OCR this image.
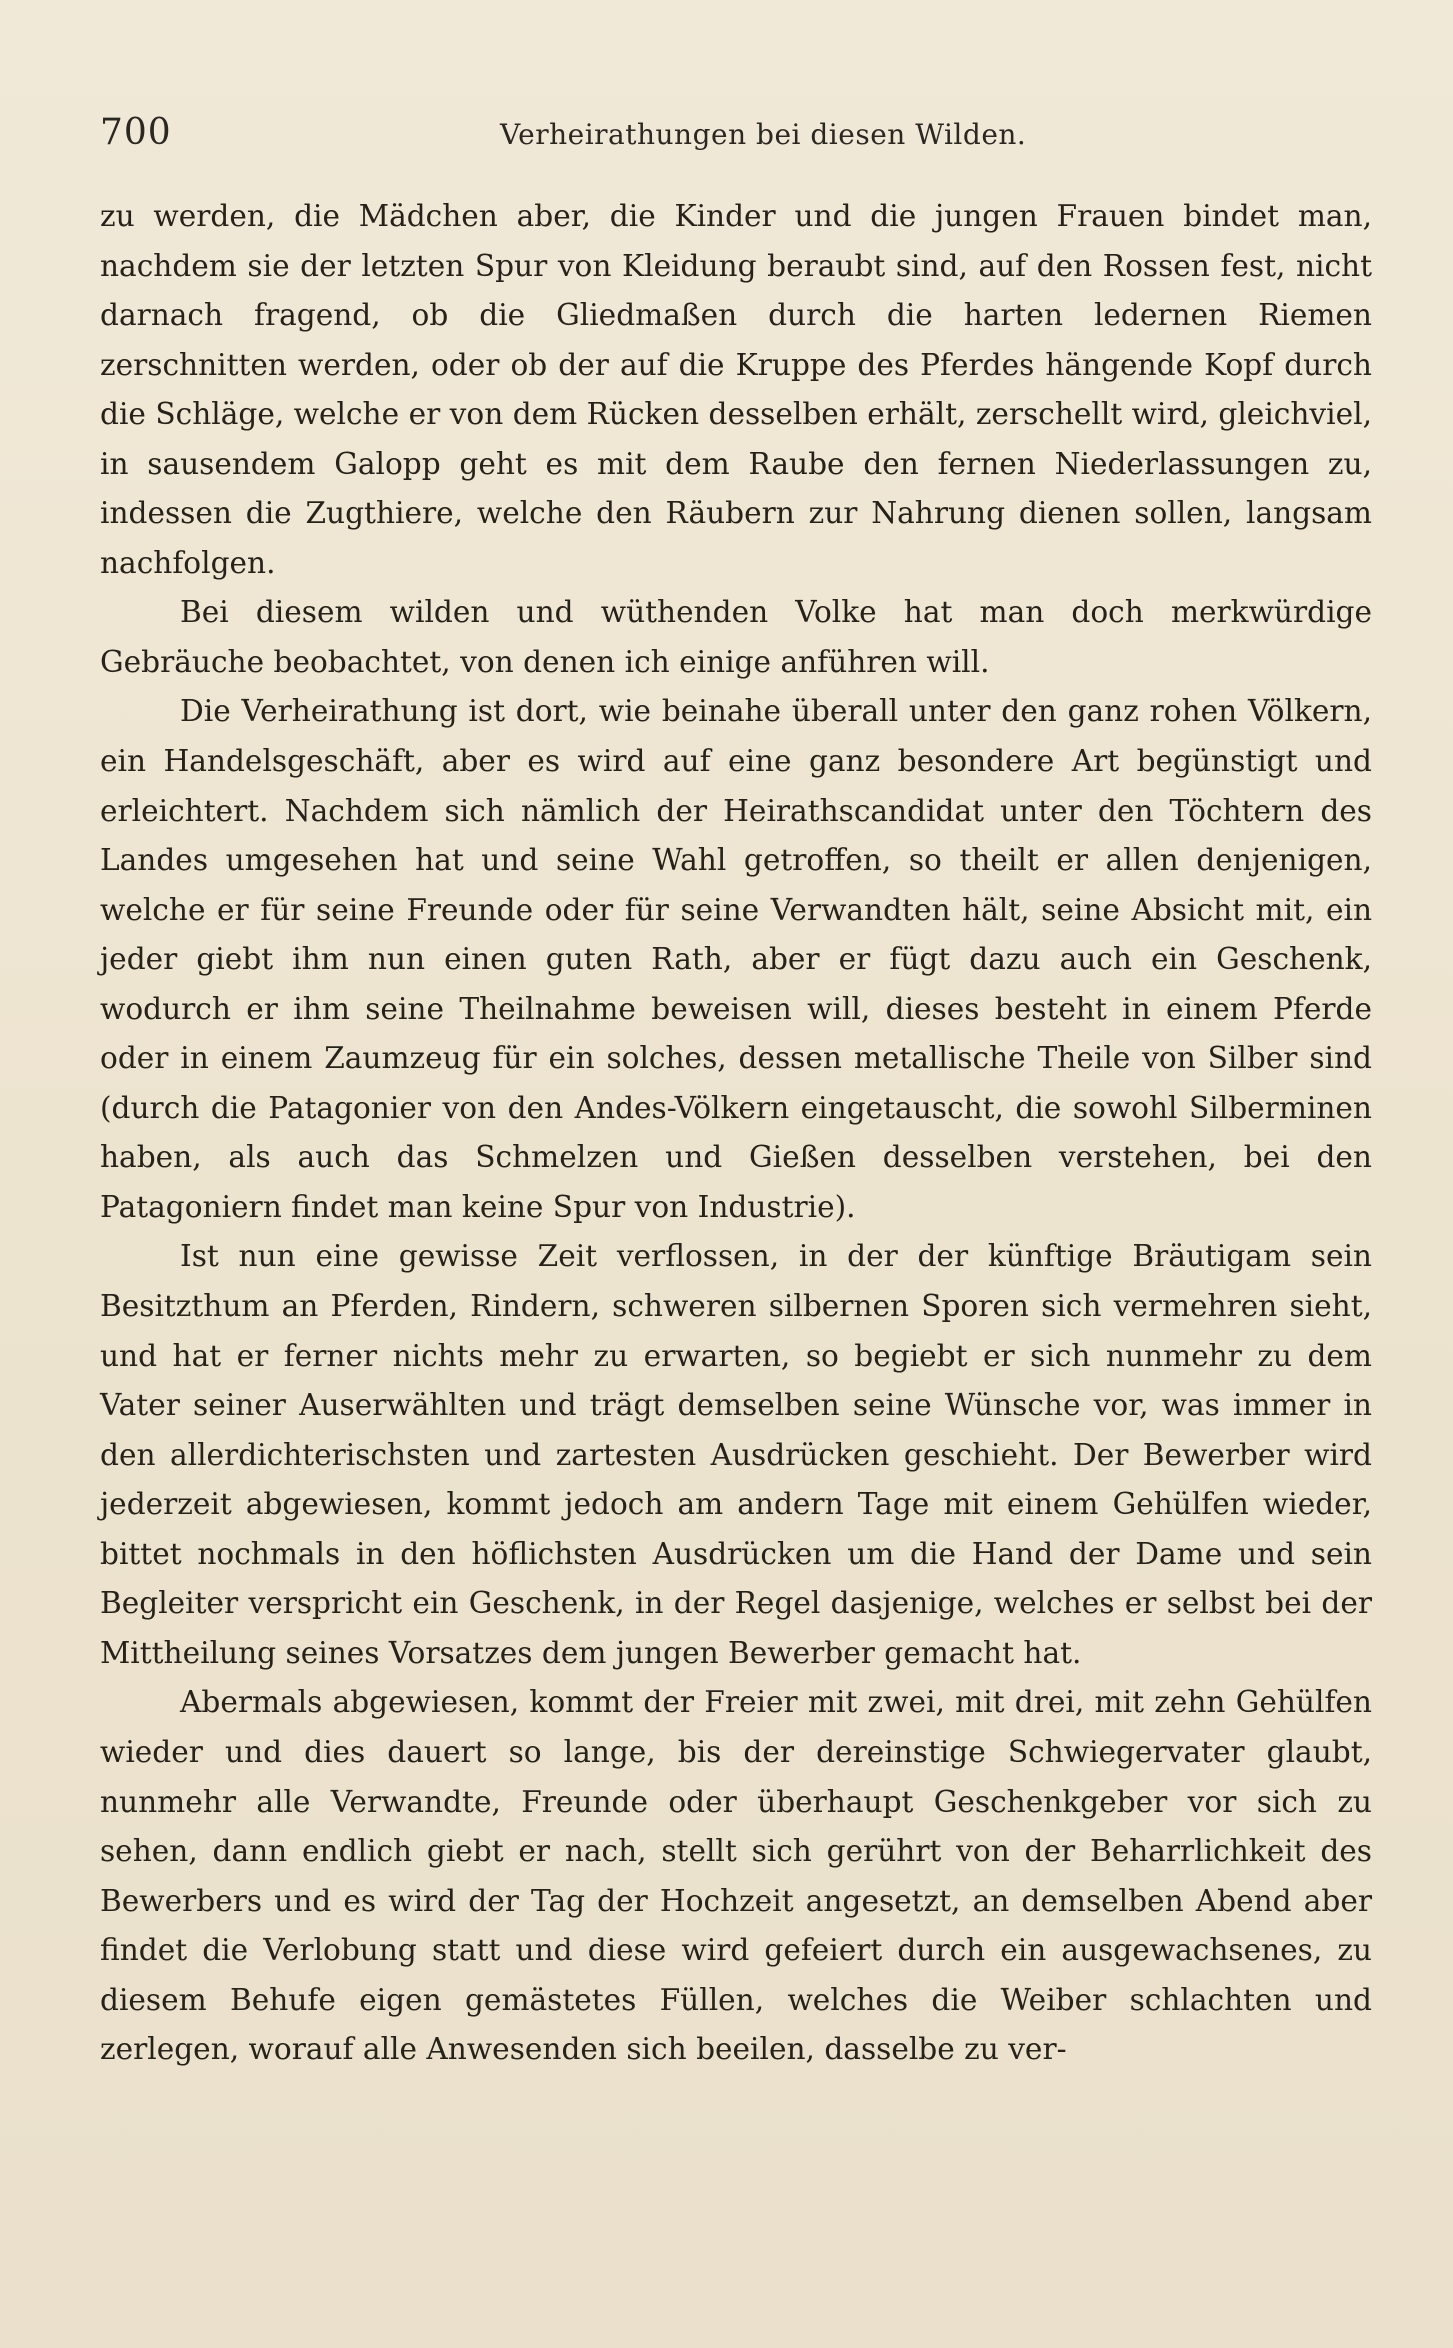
700	Verheirathungen bei diesen Wilden.

zu werden, die Mädchen aber, die Kinder und die jungen Frauen bindet man, nachdem sie der letzten Spur von Kleidung beraubt sind, auf den Rossen fest, nicht darnach fragend, ob die Gliedmaßen durch die harten ledernen Riemen zerschnitten werden, oder ob der auf die Kruppe des Pferdes hängende Kopf durch die Schläge, welche er von dem Rücken desselben erhält, zerschellt wird, gleichviel, in sausendem Galopp geht es mit dem Raube den fernen Niederlassungen zu, indessen die Zugthiere, welche den Räubern zur Nahrung dienen sollen, langsam nachfolgen.

Bei diesem wilden und wüthenden Volke hat man doch merkwürdige Gebräuche beobachtet, von denen ich einige anführen will.

Die Verheirathung ist dort, wie beinahe überall unter den ganz rohen Völkern, ein Handelsgeschäft, aber es wird auf eine ganz besondere Art begünstigt und erleichtert. Nachdem sich nämlich der Heirathscandidat unter den Töchtern des Landes umgesehen hat und seine Wahl getroffen, so theilt er allen denjenigen, welche er für seine Freunde oder für seine Verwandten hält, seine Absicht mit, ein jeder giebt ihm nun einen guten Rath, aber er fügt dazu auch ein Geschenk, wodurch er ihm seine Theilnahme beweisen will, dieses besteht in einem Pferde oder in einem Zaumzeug für ein solches, dessen metallische Theile von Silber sind (durch die Patagonier von den Andes-Völkern eingetauscht, die sowohl Silberminen haben, als auch das Schmelzen und Gießen desselben verstehen, bei den Patagoniern findet man keine Spur von Industrie).

Ist nun eine gewisse Zeit verflossen, in der der künftige Bräutigam sein Besitzthum an Pferden, Rindern, schweren silbernen Sporen sich vermehren sieht, und hat er ferner nichts mehr zu erwarten, so begiebt er sich nunmehr zu dem Vater seiner Auserwählten und trägt demselben seine Wünsche vor, was immer in den allerdichterischsten und zartesten Ausdrücken geschieht. Der Bewerber wird jederzeit abgewiesen, kommt jedoch am andern Tage mit einem Gehülfen wieder, bittet nochmals in den höflichsten Ausdrücken um die Hand der Dame und sein Begleiter verspricht ein Geschenk, in der Regel dasjenige, welches er selbst bei der Mittheilung seines Vorsatzes dem jungen Bewerber gemacht hat.

Abermals abgewiesen, kommt der Freier mit zwei, mit drei, mit zehn Gehülfen wieder und dies dauert so lange, bis der dereinstige Schwiegervater glaubt, nunmehr alle Verwandte, Freunde oder überhaupt Geschenkgeber vor sich zu sehen, dann endlich giebt er nach, stellt sich gerührt von der Beharrlichkeit des Bewerbers und es wird der Tag der Hochzeit angesetzt, an demselben Abend aber findet die Verlobung statt und diese wird gefeiert durch ein ausgewachsenes, zu diesem Behufe eigen gemästetes Füllen, welches die Weiber schlachten und zerlegen, worauf alle Anwesenden sich beeilen, dasselbe zu ver-
